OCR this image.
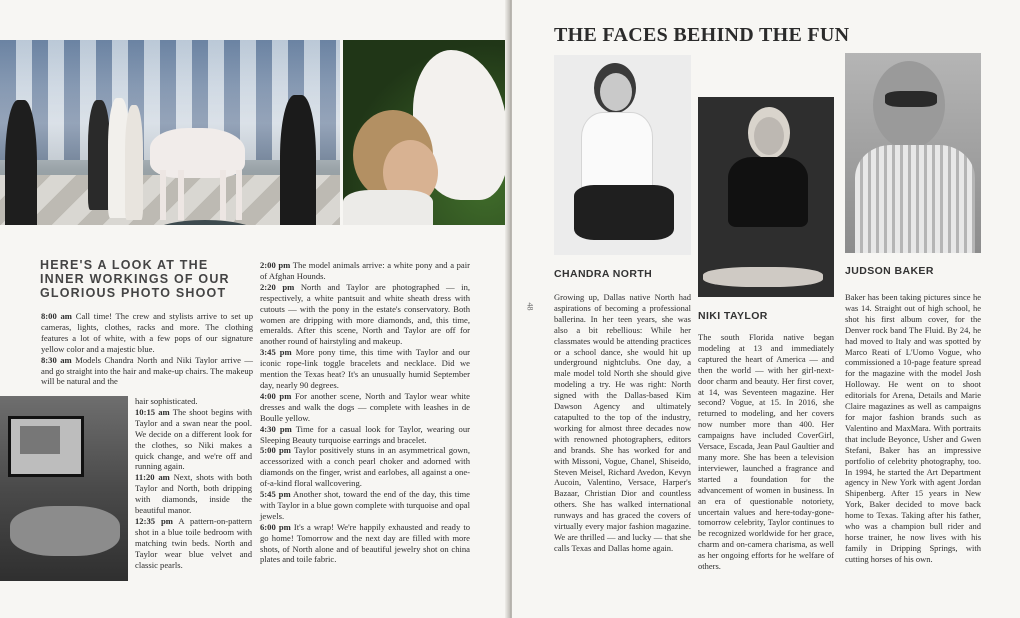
HERE'S A LOOK AT THE INNER WORKINGS OF OUR GLORIOUS PHOTO SHOOT

8:00 am Call time! The crew and stylists arrive to set up cameras, lights, clothes, racks and more. The clothing features a lot of white, with a few pops of our signature yellow color and a majestic blue.

8:30 am Models Chandra North and Niki Taylor arrive — and go straight into the hair and make-up chairs. The makeup will be natural and the

hair sophisticated.

10:15 am The shoot begins with Taylor and a swan near the pool. We decide on a different look for the clothes, so Niki makes a quick change, and we're off and running again.

11:20 am Next, shots with both Taylor and North, both dripping with diamonds, inside the beautiful manor.

12:35 pm A pattern-on-pattern shot in a blue toile bedroom with matching twin beds. North and Taylor wear blue velvet and classic pearls.

2:00 pm The model animals arrive: a white pony and a pair of Afghan Hounds.

2:20 pm North and Taylor are photographed — in, respectively, a white pantsuit and white sheath dress with cutouts — with the pony in the estate's conservatory. Both women are dripping with more diamonds, and, this time, emeralds. After this scene, North and Taylor are off for another round of hairstyling and makeup.

3:45 pm More pony time, this time with Taylor and our iconic rope-link toggle bracelets and necklace. Did we mention the Texas heat? It's an unusually humid September day, nearly 90 degrees.

4:00 pm For another scene, North and Taylor wear white dresses and walk the dogs — complete with leashes in de Boulle yellow.

4:30 pm Time for a casual look for Taylor, wearing our Sleeping Beauty turquoise earrings and bracelet.

5:00 pm Taylor positively stuns in an asymmetrical gown, accessorized with a conch pearl choker and adorned with diamonds on the finger, wrist and earlobes, all against a one-of-a-kind floral wallcovering.

5:45 pm Another shot, toward the end of the day, this time with Taylor in a blue gown complete with turquoise and opal jewels.

6:00 pm It's a wrap! We're happily exhausted and ready to go home! Tomorrow and the next day are filled with more shots, of North alone and of beautiful jewelry shot on china plates and toile fabric.

48
THE FACES BEHIND THE FUN
CHANDRA NORTH
Growing up, Dallas native North had aspirations of becoming a professional ballerina. In her teen years, she was also a bit rebellious: While her classmates would be attending practices or a school dance, she would hit up underground nightclubs. One day, a male model told North she should give modeling a try. He was right: North signed with the Dallas-based Kim Dawson Agency and ultimately catapulted to the top of the industry, working for almost three decades now with renowned photographers, editors and brands. She has worked for and with Missoni, Vogue, Chanel, Shiseido, Steven Meisel, Richard Avedon, Kevyn Aucoin, Valentino, Versace, Harper's Bazaar, Christian Dior and countless others. She has walked international runways and has graced the covers of virtually every major fashion magazine. We are thrilled — and lucky — that she calls Texas and Dallas home again.
NIKI TAYLOR
The south Florida native began modeling at 13 and immediately captured the heart of America — and then the world — with her girl-next-door charm and beauty. Her first cover, at 14, was Seventeen magazine. Her second? Vogue, at 15. In 2016, she returned to modeling, and her covers now number more than 400. Her campaigns have included CoverGirl, Versace, Escada, Jean Paul Gaultier and many more. She has been a television interviewer, launched a fragrance and started a foundation for the advancement of women in business. In an era of questionable notoriety, uncertain values and here-today-gone-tomorrow celebrity, Taylor continues to be recognized worldwide for her grace, charm and on-camera charisma, as well as her ongoing efforts for he welfare of others.
JUDSON BAKER
Baker has been taking pictures since he was 14. Straight out of high school, he shot his first album cover, for the Denver rock band The Fluid. By 24, he had moved to Italy and was spotted by Marco Reati of L'Uomo Vogue, who commissioned a 10-page feature spread for the magazine with the model Josh Holloway. He went on to shoot editorials for Arena, Details and Marie Claire magazines as well as campaigns for major fashion brands such as Valentino and MaxMara. With portraits that include Beyonce, Usher and Gwen Stefani, Baker has an impressive portfolio of celebrity photography, too. In 1994, he started the Art Department agency in New York with agent Jordan Shipenberg. After 15 years in New York, Baker decided to move back home to Texas. Taking after his father, who was a champion bull rider and horse trainer, he now lives with his family in Dripping Springs, with cutting horses of his own.
